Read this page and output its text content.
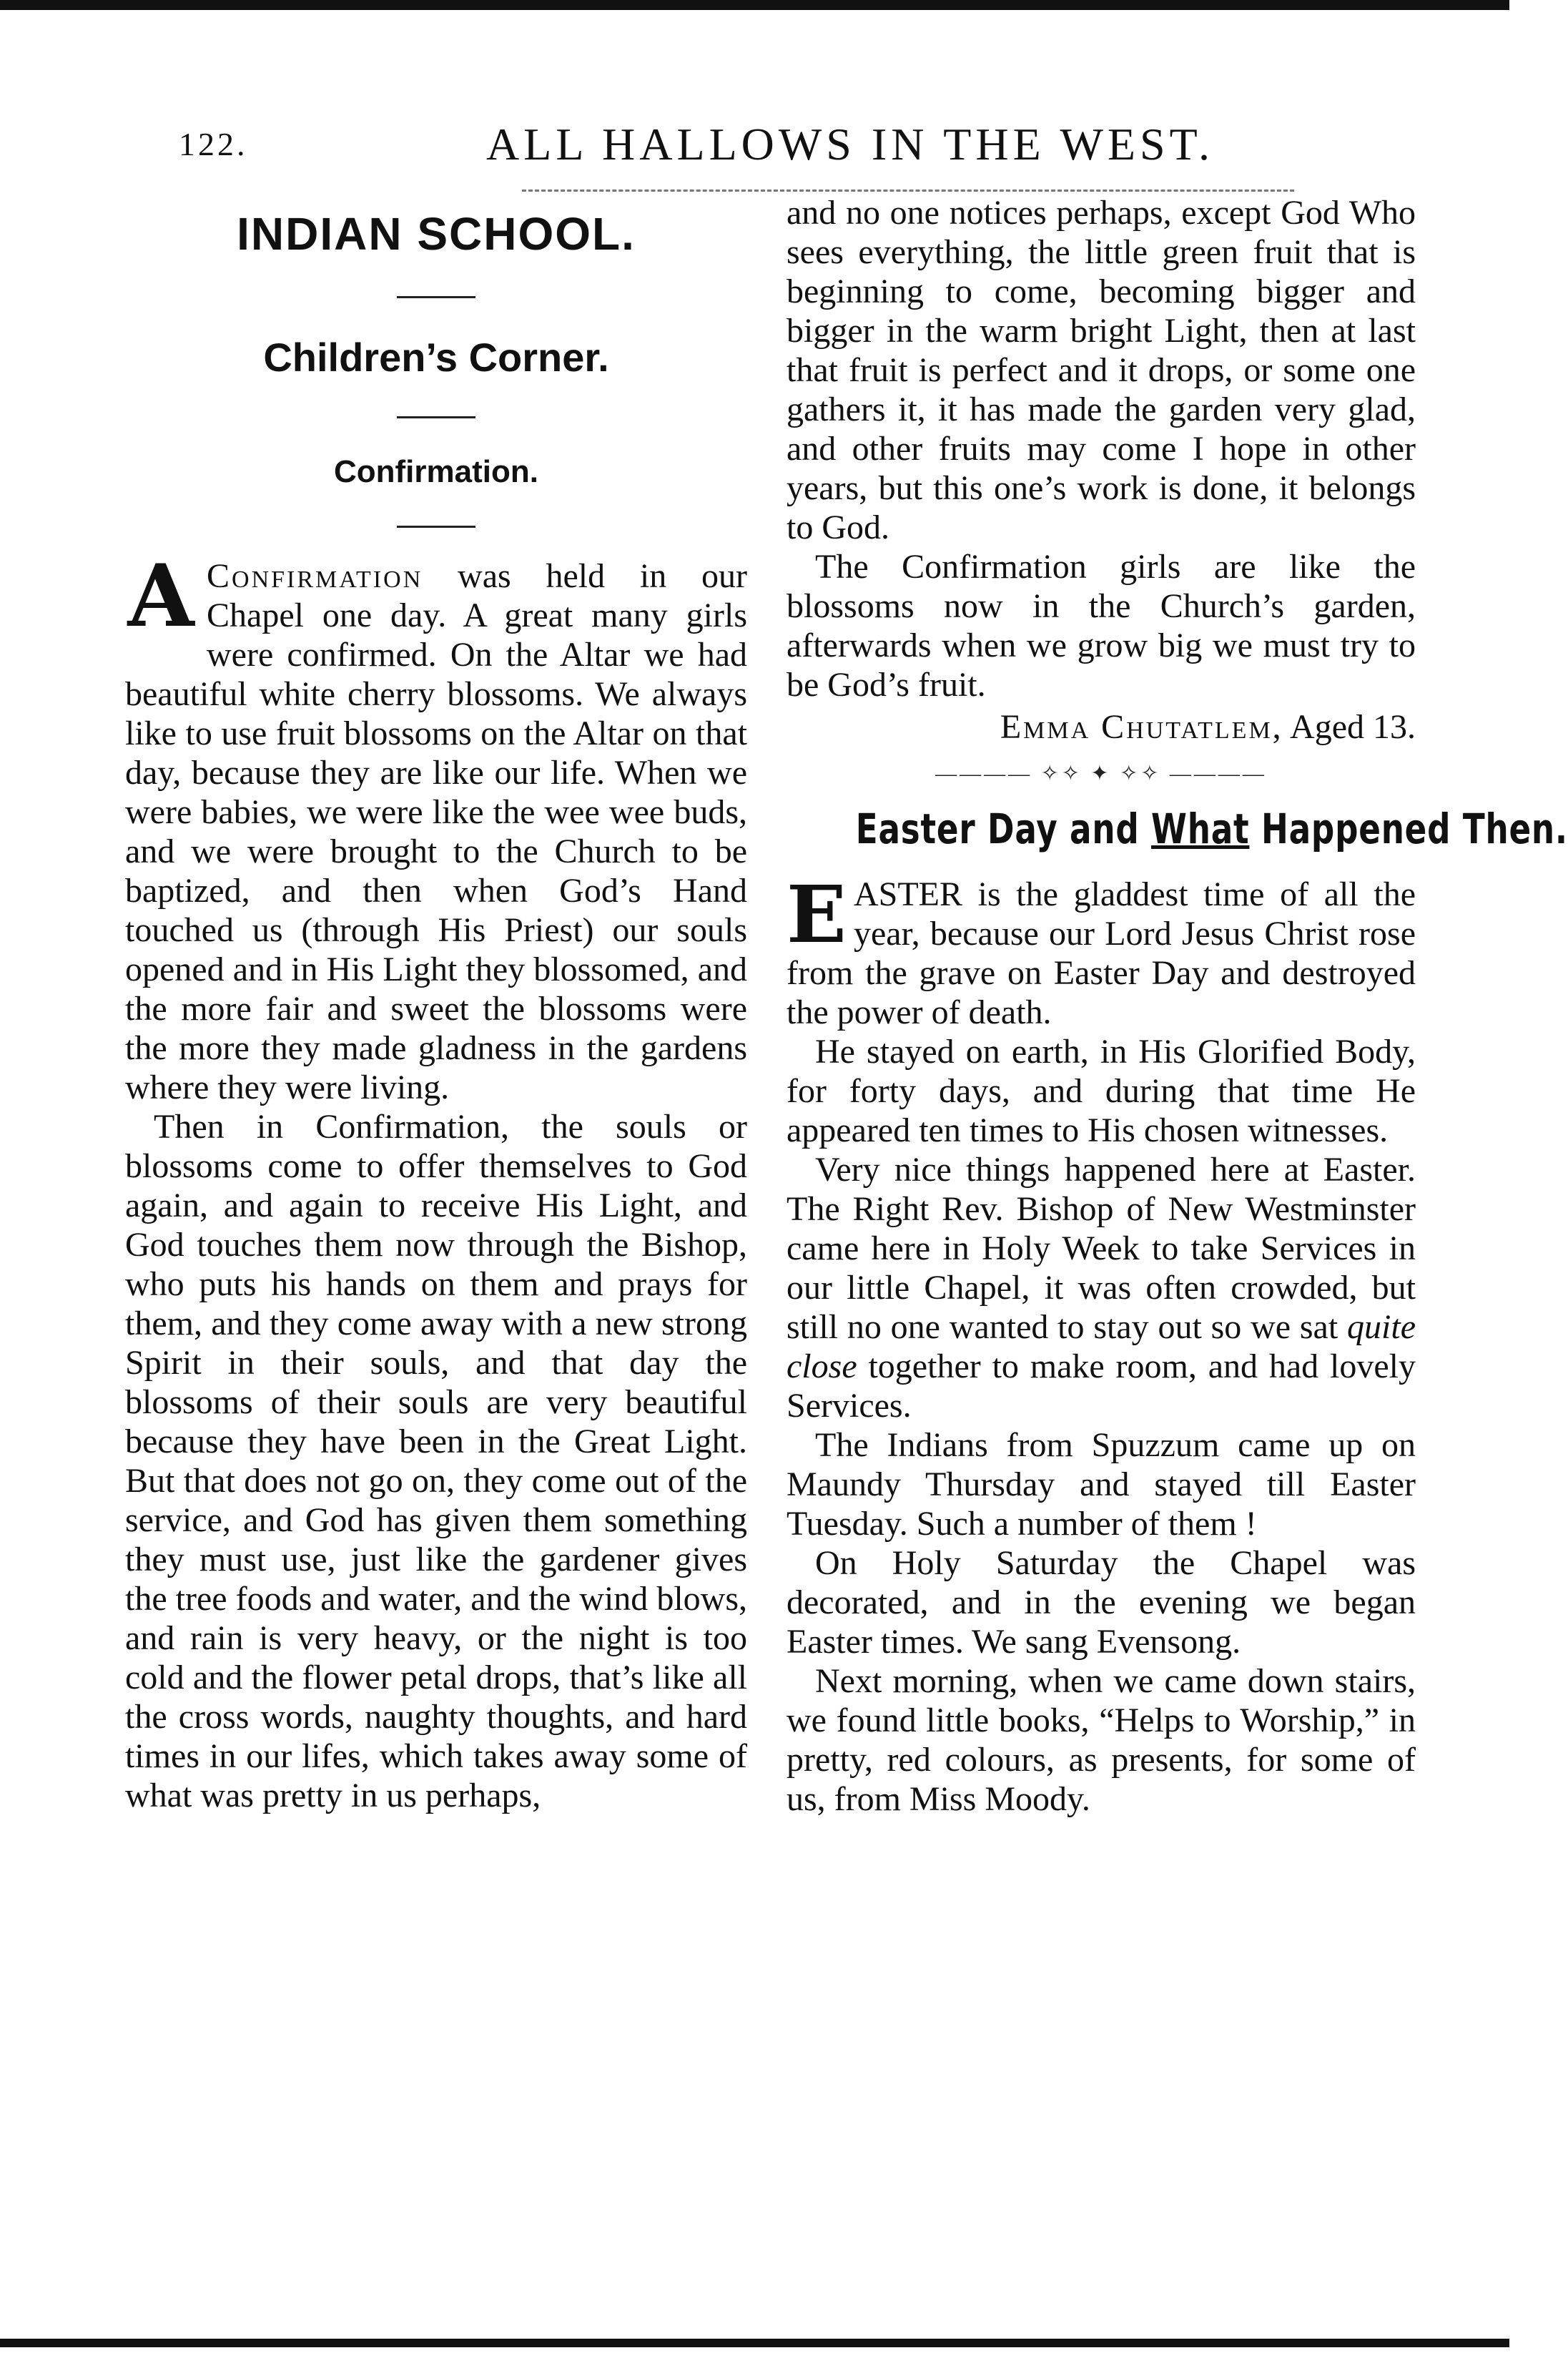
122.	ALL HALLOWS IN THE WEST.
INDIAN SCHOOL.
Children’s Corner.
Confirmation.

A Confirmation was held in our Chapel one day. A great many girls were confirmed. On the Altar we had beautiful white cherry blossoms. We always like to use fruit blossoms on the Altar on that day, because they are like our life. When we were babies, we were like the wee wee buds, and we were brought to the Church to be baptized, and then when God’s Hand touched us (through His Priest) our souls opened and in His Light they blossomed, and the more fair and sweet the blossoms were the more they made gladness in the gardens where they were living.

Then in Confirmation, the souls or blossoms come to offer themselves to God again, and again to receive His Light, and God touches them now through the Bishop, who puts his hands on them and prays for them, and they come away with a new strong Spirit in their souls, and that day the blossoms of their souls are very beautiful because they have been in the Great Light. But that does not go on, they come out of the service, and God has given them something they must use, just like the gardener gives the tree foods and water, and the wind blows, and rain is very heavy, or the night is too cold and the flower petal drops, that’s like all the cross words, naughty thoughts, and hard times in our lifes, which takes away some of what was pretty in us perhaps,

and no one notices perhaps, except God Who sees everything, the little green fruit that is beginning to come, becoming bigger and bigger in the warm bright Light, then at last that fruit is perfect and it drops, or some one gathers it, it has made the garden very glad, and other fruits may come I hope in other years, but this one’s work is done, it belongs to God.

The Confirmation girls are like the blossoms now in the Church’s garden, afterwards when we grow big we must try to be God’s fruit.

Emma Chutatlem, Aged 13.

———— ✧✧ ✦ ✧✧ ————
Easter Day and What Happened Then.

EASTER is the gladdest time of all the year, because our Lord Jesus Christ rose from the grave on Easter Day and destroyed the power of death.

He stayed on earth, in His Glorified Body, for forty days, and during that time He appeared ten times to His chosen witnesses.

Very nice things happened here at Easter. The Right Rev. Bishop of New Westminster came here in Holy Week to take Services in our little Chapel, it was often crowded, but still no one wanted to stay out so we sat quite close together to make room, and had lovely Services.

The Indians from Spuzzum came up on Maundy Thursday and stayed till Easter Tuesday. Such a number of them !

On Holy Saturday the Chapel was decorated, and in the evening we began Easter times. We sang Evensong.

Next morning, when we came down stairs, we found little books, “Helps to Worship,” in pretty, red colours, as presents, for some of us, from Miss Moody.
